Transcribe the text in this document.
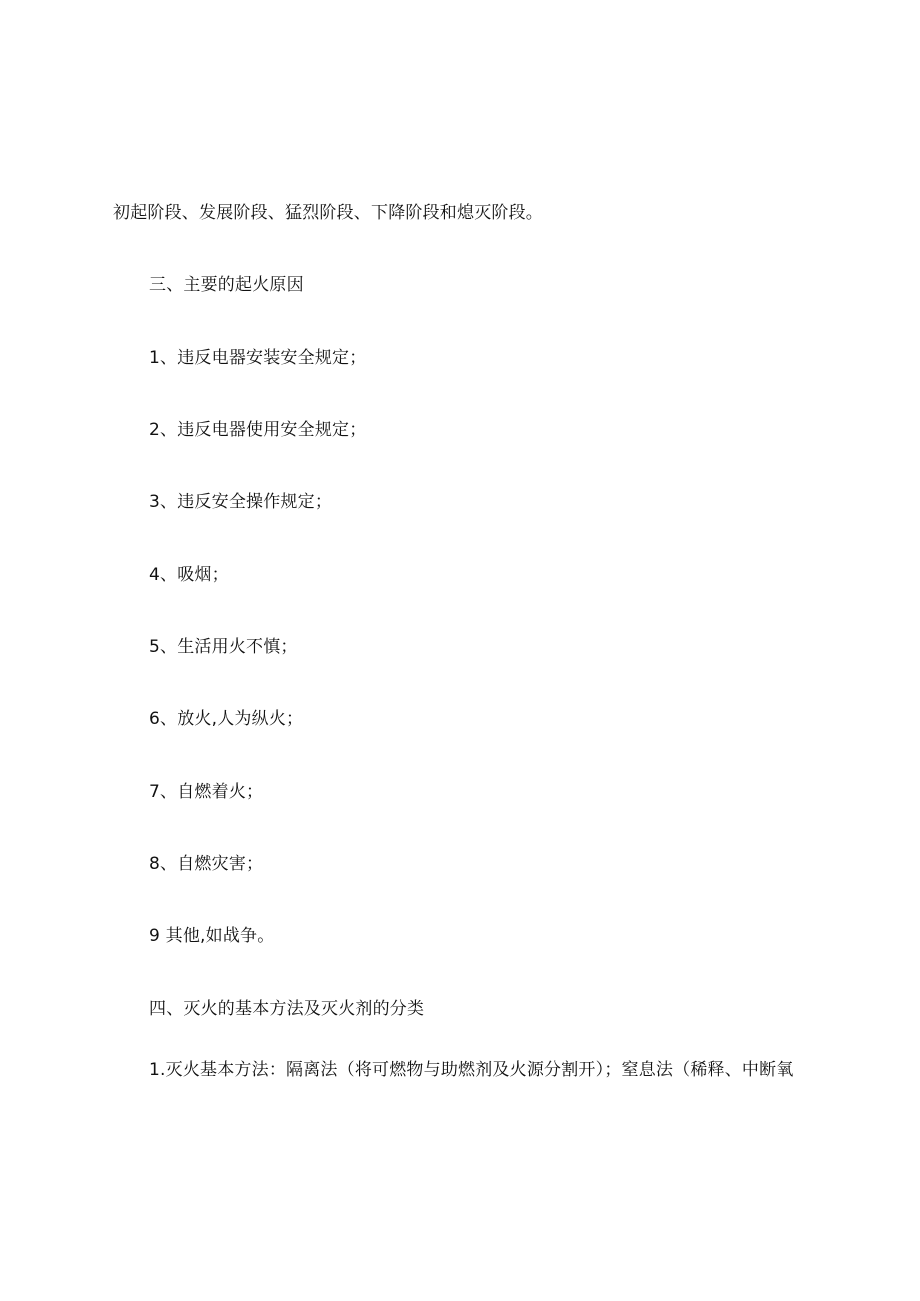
初起阶段、发展阶段、猛烈阶段、下降阶段和熄灭阶段。
三、主要的起火原因
1、违反电器安装安全规定；
2、违反电器使用安全规定；
3、违反安全操作规定；
4、吸烟；
5、生活用火不慎；
6、放火,人为纵火；
7、自燃着火；
8、自燃灾害；
9 其他,如战争。
四、灭火的基本方法及灭火剂的分类
1.灭火基本方法：隔离法（将可燃物与助燃剂及火源分割开）；窒息法（稀释、中断氧
